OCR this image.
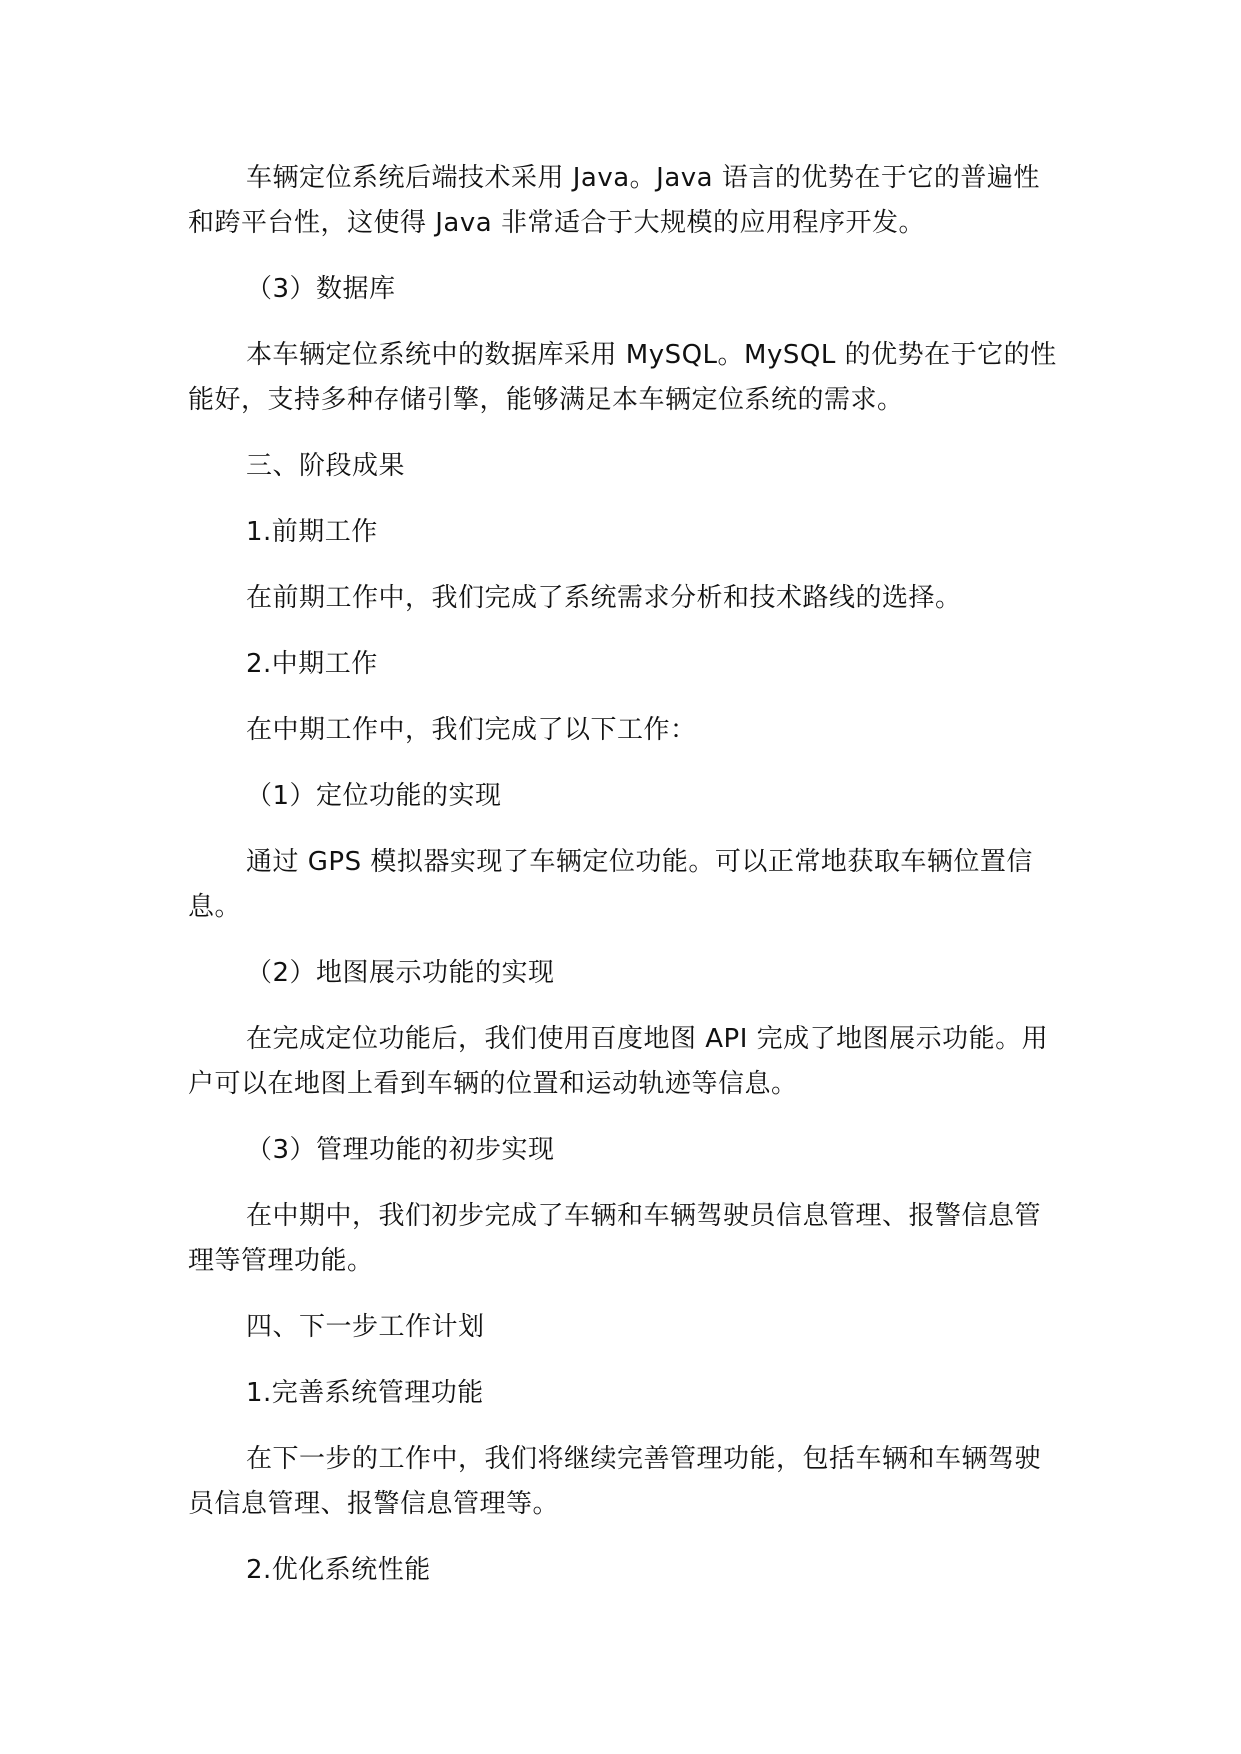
车辆定位系统后端技术采用 Java。Java 语言的优势在于它的普遍性和跨平台性，这使得 Java 非常适合于大规模的应用程序开发。

（3）数据库

本车辆定位系统中的数据库采用 MySQL。MySQL 的优势在于它的性能好，支持多种存储引擎，能够满足本车辆定位系统的需求。

三、阶段成果

1.前期工作

在前期工作中，我们完成了系统需求分析和技术路线的选择。

2.中期工作

在中期工作中，我们完成了以下工作：

（1）定位功能的实现

通过 GPS 模拟器实现了车辆定位功能。可以正常地获取车辆位置信息。

（2）地图展示功能的实现

在完成定位功能后，我们使用百度地图 API 完成了地图展示功能。用户可以在地图上看到车辆的位置和运动轨迹等信息。

（3）管理功能的初步实现

在中期中，我们初步完成了车辆和车辆驾驶员信息管理、报警信息管理等管理功能。

四、下一步工作计划

1.完善系统管理功能

在下一步的工作中，我们将继续完善管理功能，包括车辆和车辆驾驶员信息管理、报警信息管理等。

2.优化系统性能
